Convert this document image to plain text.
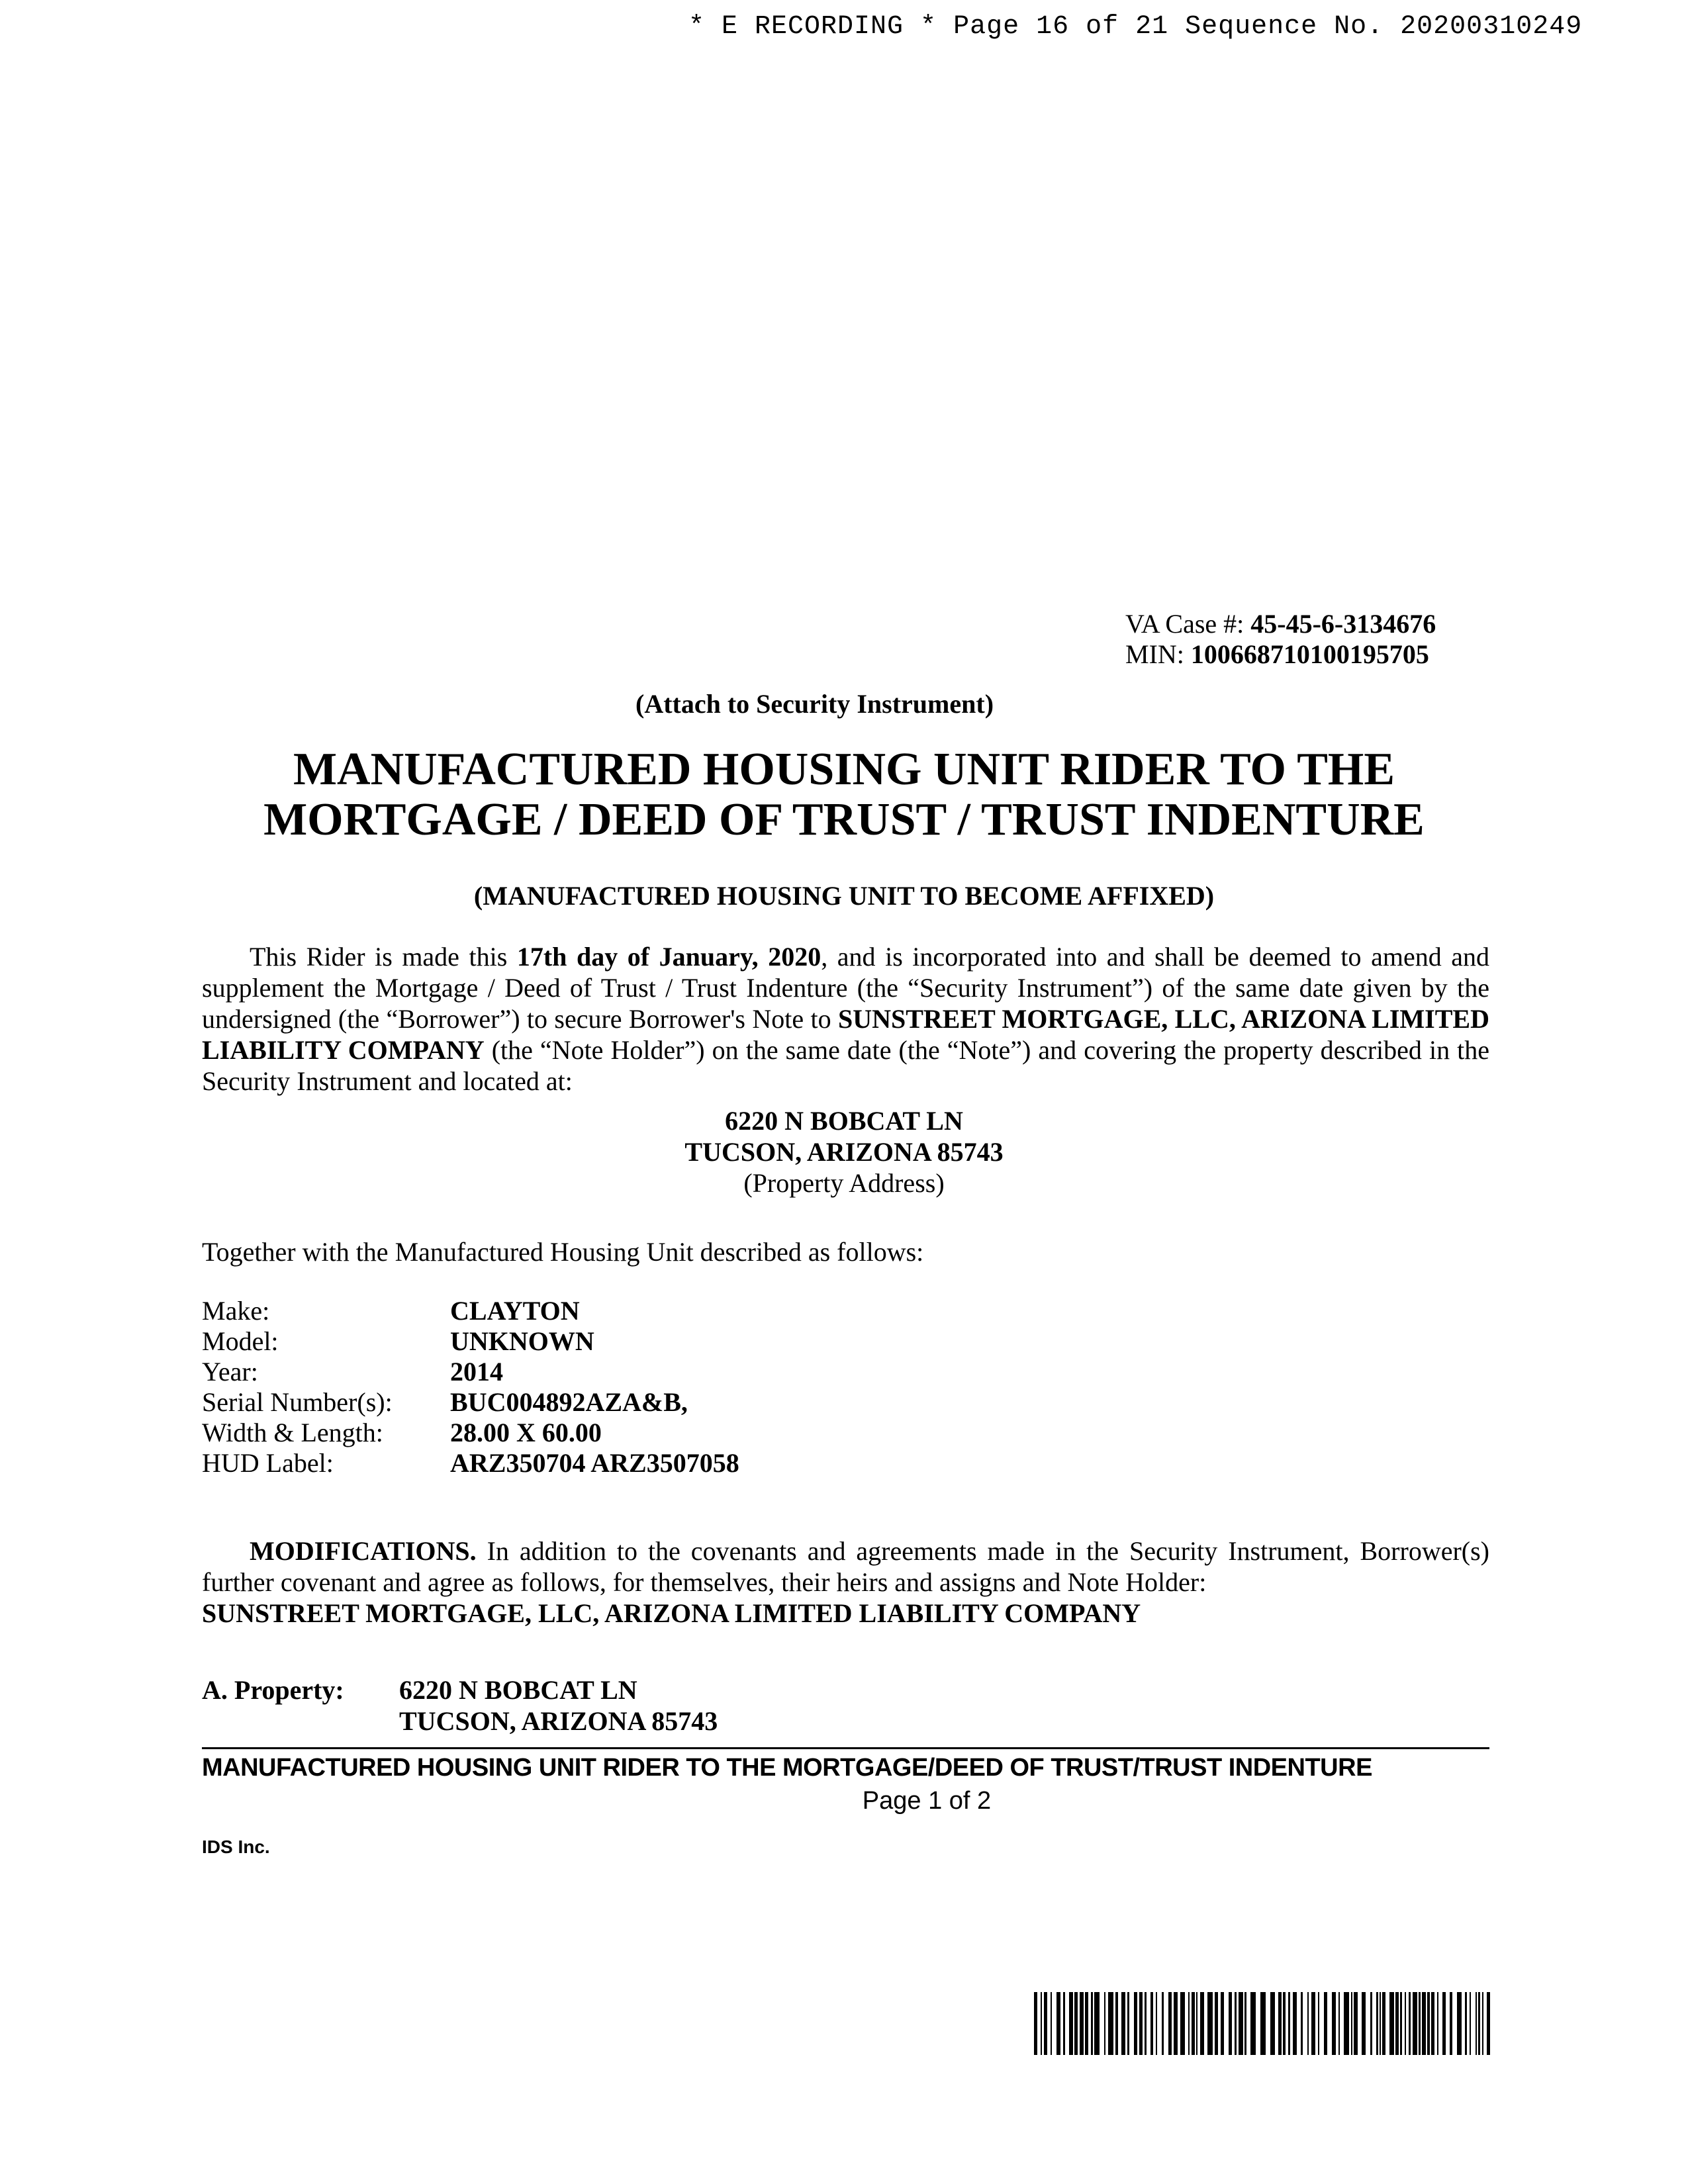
* E RECORDING * Page 16 of 21 Sequence No. 20200310249
VA Case #: 45-45-6-3134676
MIN: 100668710100195705
(Attach to Security Instrument)
MANUFACTURED HOUSING UNIT RIDER TO THE
MORTGAGE / DEED OF TRUST / TRUST INDENTURE
(MANUFACTURED HOUSING UNIT TO BECOME AFFIXED)
This Rider is made this 17th day of January, 2020, and is incorporated into and shall be deemed to amend and supplement the Mortgage / Deed of Trust / Trust Indenture (the “Security Instrument”) of the same date given by the undersigned (the “Borrower”) to secure Borrower's Note to SUNSTREET MORTGAGE, LLC, ARIZONA LIMITED LIABILITY COMPANY (the “Note Holder”) on the same date (the “Note”) and covering the property described in the Security Instrument and located at:
6220 N BOBCAT LN
TUCSON, ARIZONA 85743
(Property Address)
Together with the Manufactured Housing Unit described as follows:
Make:	CLAYTON
Model:	UNKNOWN
Year:	2014
Serial Number(s):	BUC004892AZA&B,
Width & Length:	28.00 X 60.00
HUD Label:	ARZ350704 ARZ3507058
MODIFICATIONS. In addition to the covenants and agreements made in the Security Instrument, Borrower(s) further covenant and agree as follows, for themselves, their heirs and assigns and Note Holder:
SUNSTREET MORTGAGE, LLC, ARIZONA LIMITED LIABILITY COMPANY
A. Property:	6220 N BOBCAT LN
TUCSON, ARIZONA 85743
MANUFACTURED HOUSING UNIT RIDER TO THE MORTGAGE/DEED OF TRUST/TRUST INDENTURE
Page 1 of 2
IDS Inc.
